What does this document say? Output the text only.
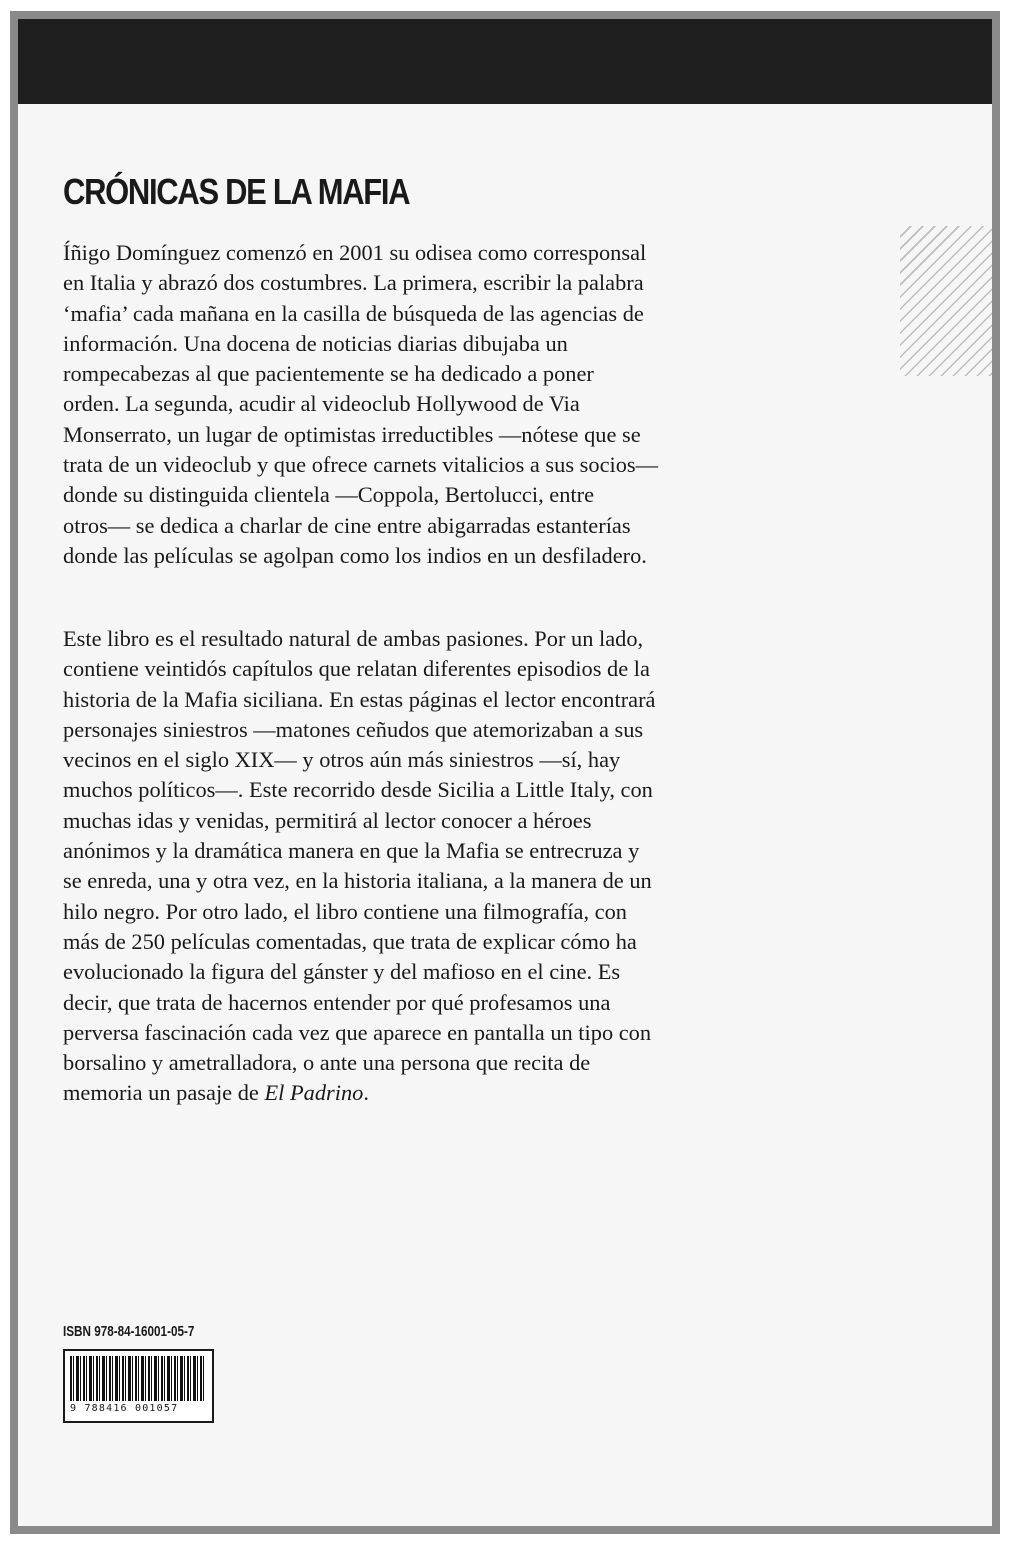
CRÓNICAS DE LA MAFIA

Íñigo Domínguez comenzó en 2001 su odisea como corresponsal
en Italia y abrazó dos costumbres. La primera, escribir la palabra
‘mafia’ cada mañana en la casilla de búsqueda de las agencias de
información. Una docena de noticias diarias dibujaba un
rompecabezas al que pacientemente se ha dedicado a poner
orden. La segunda, acudir al videoclub Hollywood de Via
Monserrato, un lugar de optimistas irreductibles —nótese que se
trata de un videoclub y que ofrece carnets vitalicios a sus socios—
donde su distinguida clientela —Coppola, Bertolucci, entre
otros— se dedica a charlar de cine entre abigarradas estanterías
donde las películas se agolpan como los indios en un desfiladero.

Este libro es el resultado natural de ambas pasiones. Por un lado,
contiene veintidós capítulos que relatan diferentes episodios de la
historia de la Mafia siciliana. En estas páginas el lector encontrará
personajes siniestros —matones ceñudos que atemorizaban a sus
vecinos en el siglo XIX— y otros aún más siniestros —sí, hay
muchos políticos—. Este recorrido desde Sicilia a Little Italy, con
muchas idas y venidas, permitirá al lector conocer a héroes
anónimos y la dramática manera en que la Mafia se entrecruza y
se enreda, una y otra vez, en la historia italiana, a la manera de un
hilo negro. Por otro lado, el libro contiene una filmografía, con
más de 250 películas comentadas, que trata de explicar cómo ha
evolucionado la figura del gánster y del mafioso en el cine. Es
decir, que trata de hacernos entender por qué profesamos una
perversa fascinación cada vez que aparece en pantalla un tipo con
borsalino y ametralladora, o ante una persona que recita de
memoria un pasaje de El Padrino.

ISBN 978-84-16001-05-7
9 788416 001057
